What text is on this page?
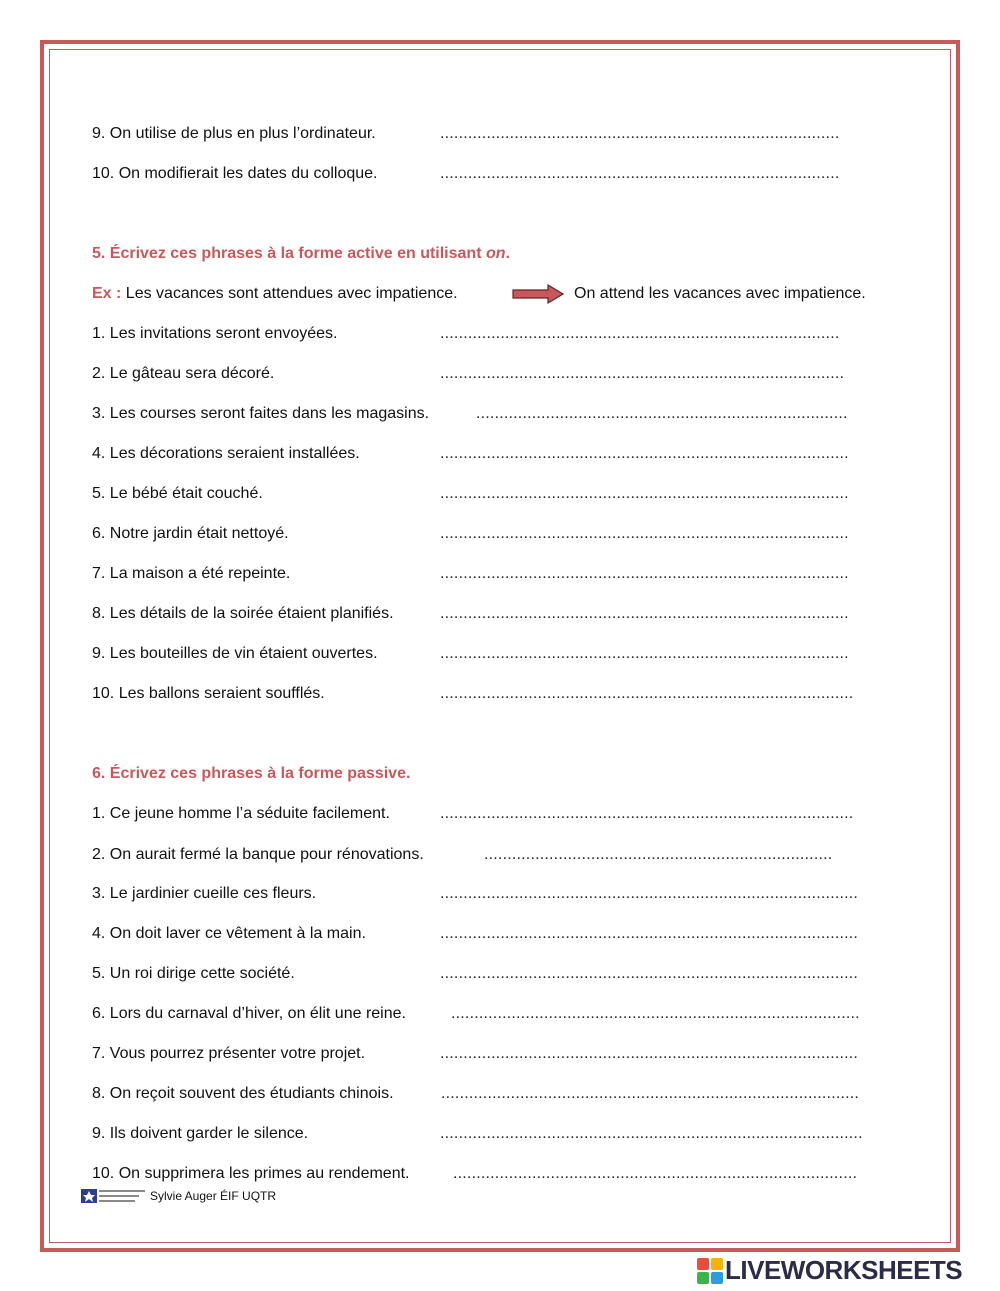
9. On utilise de plus en plus l’ordinateur.	......................................................................................
10. On modifierait les dates du colloque.	......................................................................................
5. Écrivez ces phrases à la forme active en utilisant on.
Ex : Les vacances sont attendues avec impatience.	On attend les vacances avec impatience.
1. Les invitations seront envoyées.	......................................................................................
2. Le gâteau sera décoré.	.......................................................................................
3. Les courses seront faites dans les magasins.	................................................................................
4. Les décorations seraient installées.	........................................................................................
5. Le bébé était couché.	........................................................................................
6. Notre jardin était nettoyé.	........................................................................................
7. La maison a été repeinte.	........................................................................................
8. Les détails de la soirée étaient planifiés.	........................................................................................
9. Les bouteilles de vin étaient ouvertes.	........................................................................................
10. Les ballons seraient soufflés.	.........................................................................................
6. Écrivez ces phrases à la forme passive.
1. Ce jeune homme l’a séduite facilement.	.........................................................................................
2. On aurait fermé la banque pour rénovations.	...........................................................................
3. Le jardinier cueille ces fleurs.	..........................................................................................
4. On doit laver ce vêtement à la main.	..........................................................................................
5. Un roi dirige cette société.	..........................................................................................
6. Lors du carnaval d’hiver, on élit une reine.	........................................................................................
7. Vous pourrez présenter votre projet.	..........................................................................................
8. On reçoit souvent des étudiants chinois.	..........................................................................................
9. Ils doivent garder le silence.	...........................................................................................
10. On supprimera les primes au rendement.	.......................................................................................
Sylvie Auger ÉIF UQTR
LIVEWORKSHEETS
